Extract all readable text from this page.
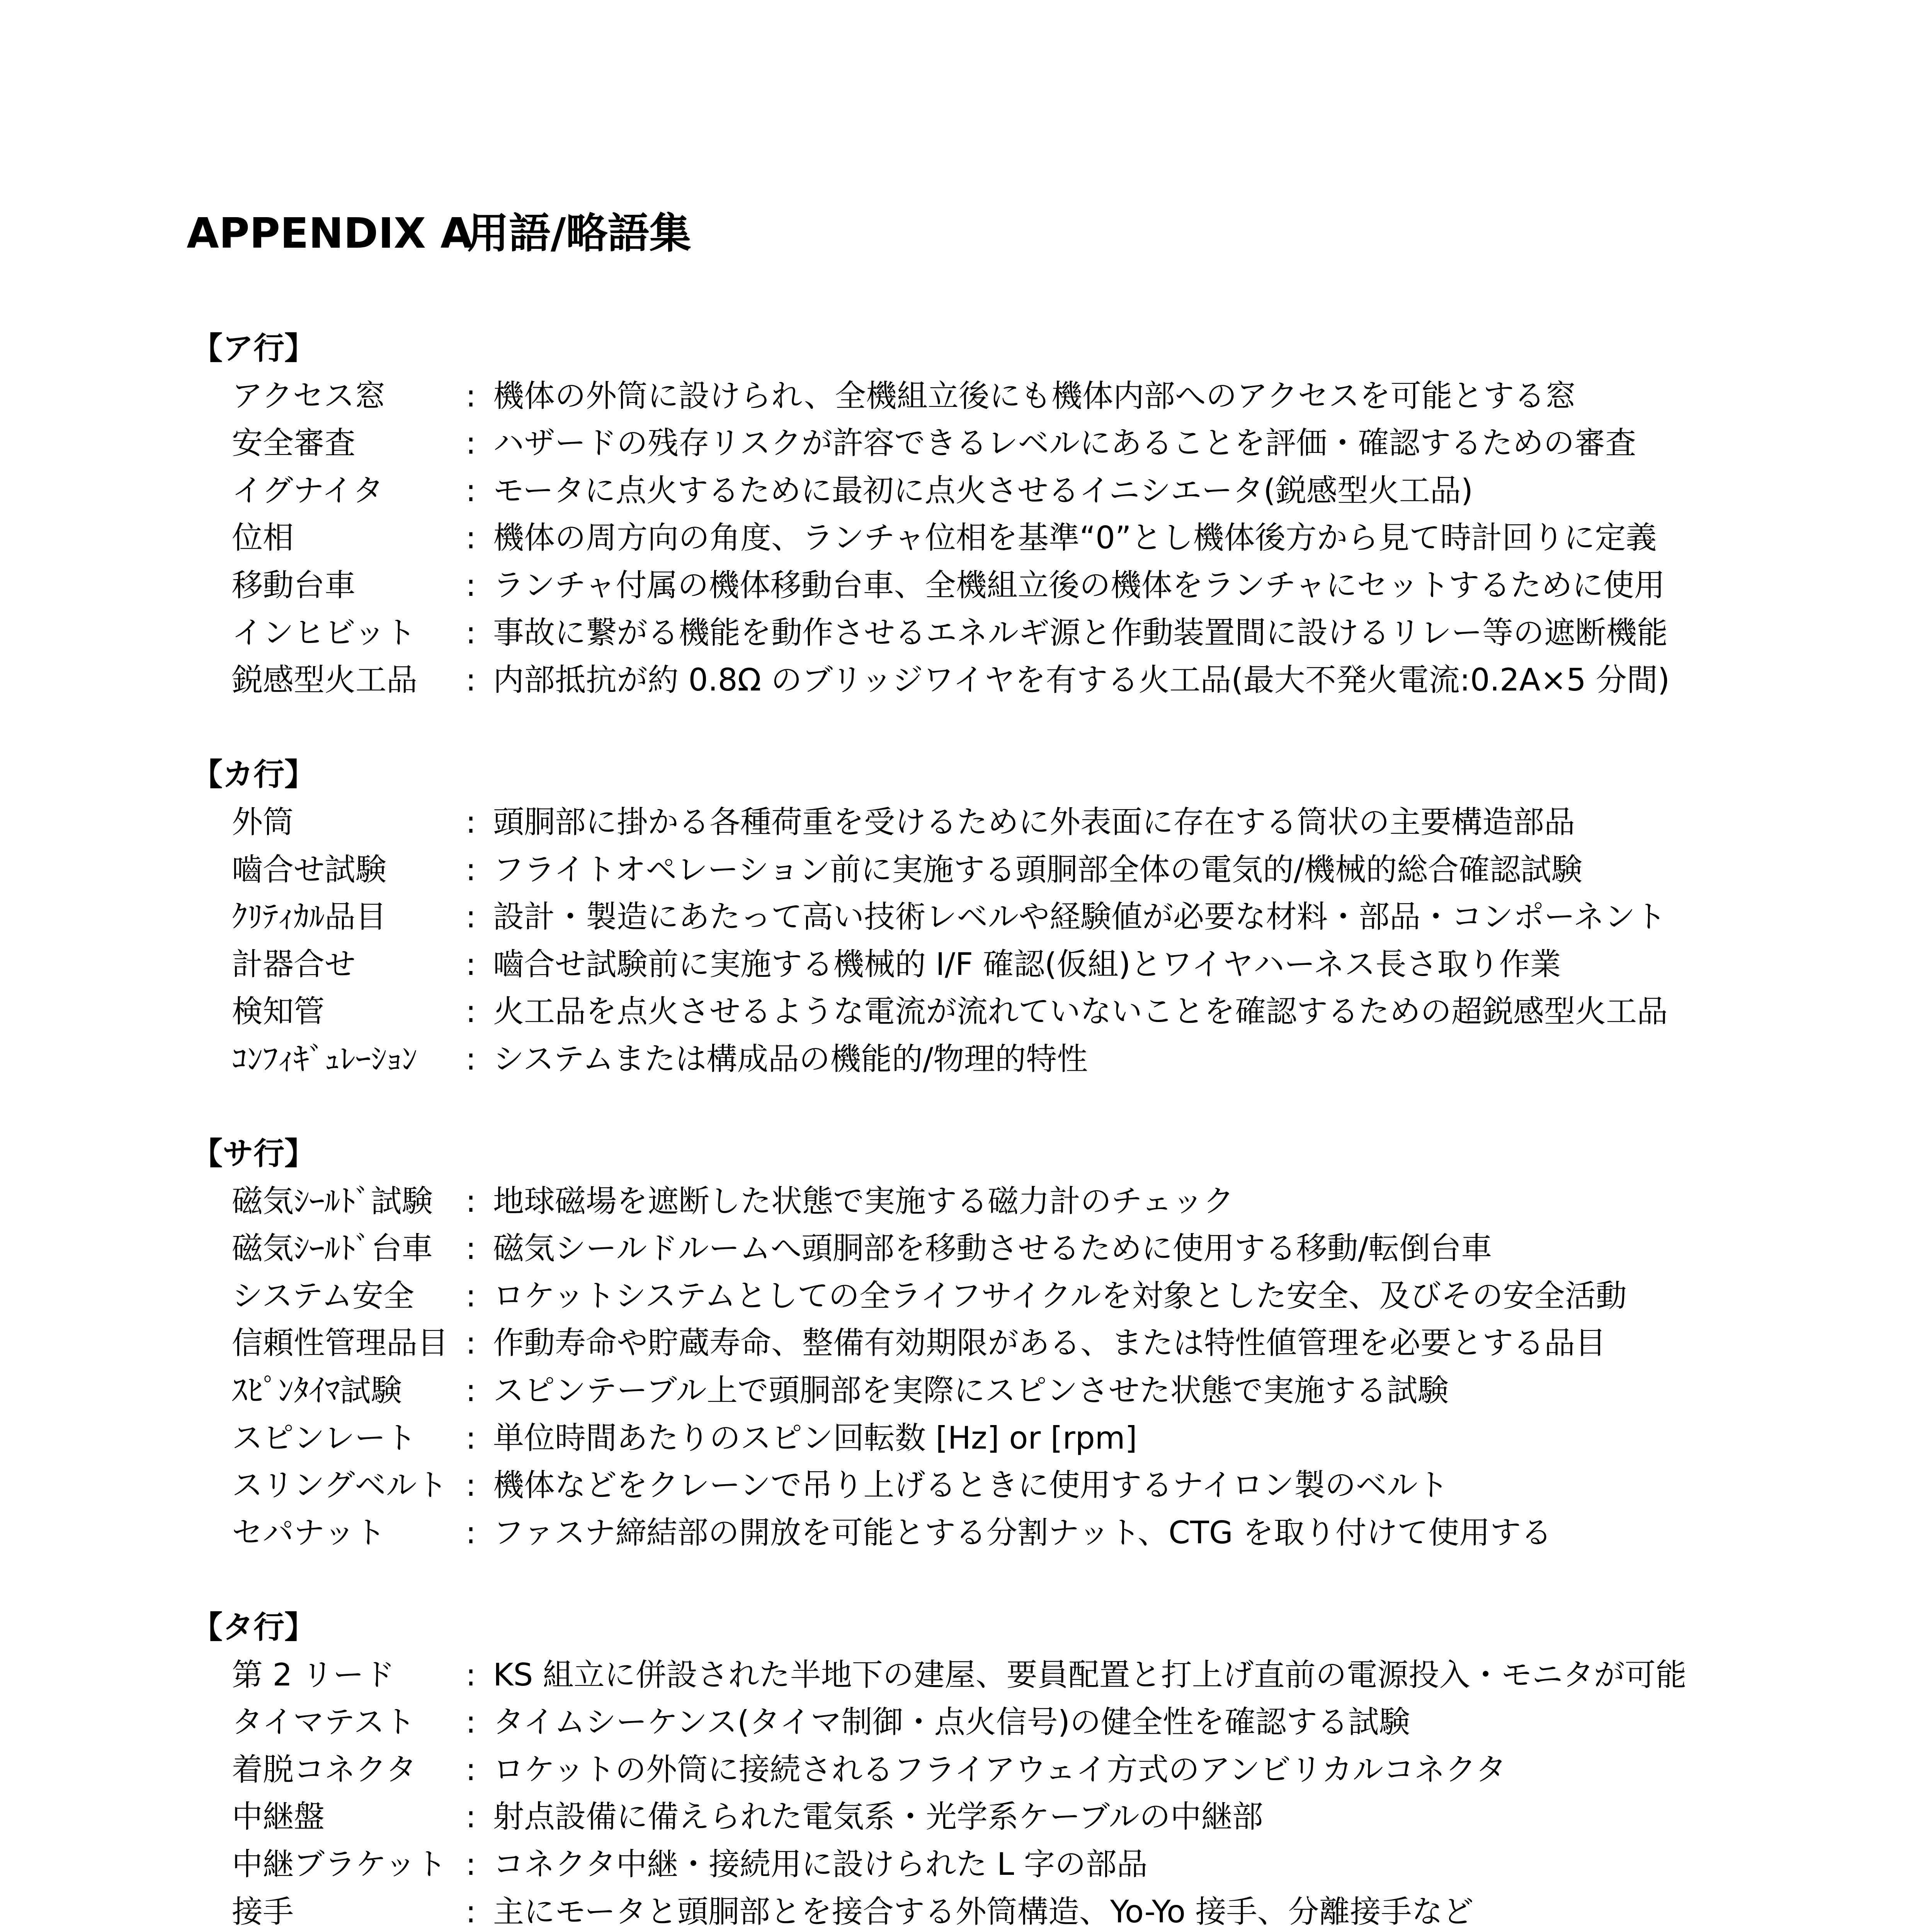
APPENDIX A用語/略語集
【ア行】
アクセス窓	: 機体の外筒に設けられ、全機組立後にも機体内部へのアクセスを可能とする窓
安全審査	: ハザードの残存リスクが許容できるレベルにあることを評価・確認するための審査
イグナイタ	: モータに点火するために最初に点火させるイニシエータ(鋭感型火工品)
位相	: 機体の周方向の角度、ランチャ位相を基準“0”とし機体後方から見て時計回りに定義
移動台車	: ランチャ付属の機体移動台車、全機組立後の機体をランチャにセットするために使用
インヒビット : 事故に繋がる機能を動作させるエネルギ源と作動装置間に設けるリレー等の遮断機能
鋭感型火工品 : 内部抵抗が約 0.8Ω のブリッジワイヤを有する火工品(最大不発火電流:0.2A×5 分間)
【カ行】
外筒	: 頭胴部に掛かる各種荷重を受けるために外表面に存在する筒状の主要構造部品
嚙合せ試験	: フライトオペレーション前に実施する頭胴部全体の電気的/機械的総合確認試験
ｸﾘﾃｨｶﾙ品目	: 設計・製造にあたって高い技術レベルや経験値が必要な材料・部品・コンポーネント
計器合せ	: 嚙合せ試験前に実施する機械的 I/F 確認(仮組)とワイヤハーネス長さ取り作業
検知管	: 火工品を点火させるような電流が流れていないことを確認するための超鋭感型火工品
ｺﾝﾌｨｷﾞｭﾚｰｼｮﾝ : システムまたは構成品の機能的/物理的特性
【サ行】
磁気ｼｰﾙﾄﾞ試験 : 地球磁場を遮断した状態で実施する磁力計のチェック
磁気ｼｰﾙﾄﾞ台車 : 磁気シールドルームへ頭胴部を移動させるために使用する移動/転倒台車
システム安全 : ロケットシステムとしての全ライフサイクルを対象とした安全、及びその安全活動
信頼性管理品目 : 作動寿命や貯蔵寿命、整備有効期限がある、または特性値管理を必要とする品目
ｽﾋﾟﾝﾀｲﾏ試験 : スピンテーブル上で頭胴部を実際にスピンさせた状態で実施する試験
スピンレート : 単位時間あたりのスピン回転数 [Hz] or [rpm]
スリングベルト : 機体などをクレーンで吊り上げるときに使用するナイロン製のベルト
セパナット	: ファスナ締結部の開放を可能とする分割ナット、CTG を取り付けて使用する
【タ行】
第 2 リード : KS 組立に併設された半地下の建屋、要員配置と打上げ直前の電源投入・モニタが可能
タイマテスト : タイムシーケンス(タイマ制御・点火信号)の健全性を確認する試験
着脱コネクタ : ロケットの外筒に接続されるフライアウェイ方式のアンビリカルコネクタ
中継盤	: 射点設備に備えられた電気系・光学系ケーブルの中継部
中継ブラケット : コネクタ中継・接続用に設けられた L 字の部品
接手	: 主にモータと頭胴部とを接合する外筒構造、Yo-Yo 接手、分離接手など
